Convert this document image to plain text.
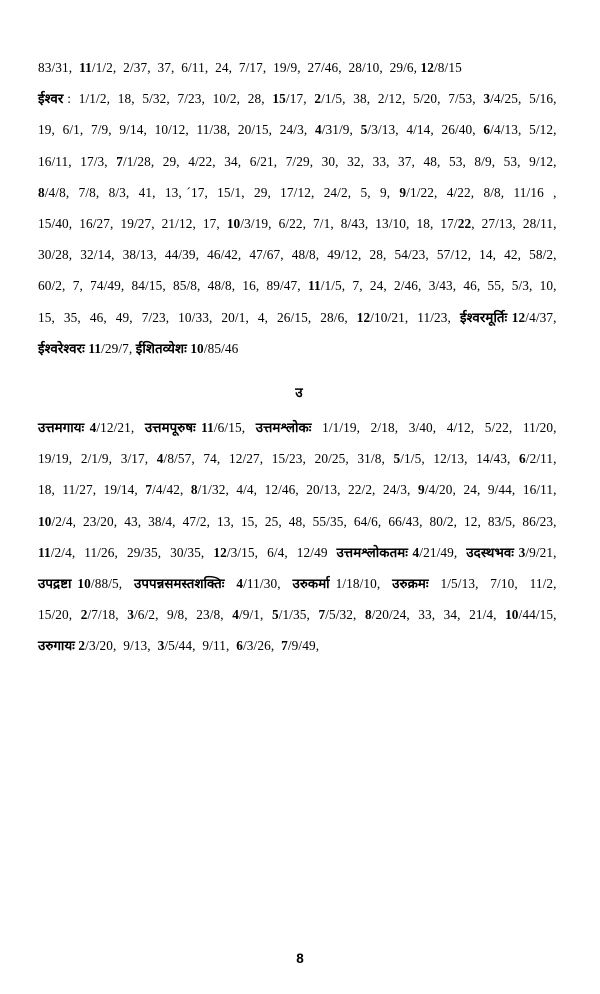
83/31,  11/1/2,  2/37,  37,  6/11,  24,  7/17,  19/9,  27/46,  28/10,  29/6, 12/8/15

ईश्वर :  1/1/2,  18,  5/32,  7/23,  10/2,  28,  15/17,  2/1/5,  38,  2/12,  5/20,  7/53,  3/4/25,  5/16,  19,  6/1,  7/9,  9/14,  10/12,  11/38,  20/15,  24/3,  4/31/9,  5/3/13,  4/14,  26/40,  6/4/13,  5/12,  16/11,  17/3,  7/1/28,  29,  4/22,  34,  6/21,  7/29,  30,  32,  33,  37,  48,  53,  8/9,  53,  9/12,  8/4/8,  7/8,  8/3,  41,  13, ´17,  15/1,  29,  17/12,  24/2,  5,  9,  9/1/22,  4/22,  8/8,  11/16  ,  15/40,  16/27,  19/27,  21/12,  17,  10/3/19,  6/22,  7/1,  8/43,  13/10,  18,  17/22,  27/13,  28/11,  30/28,  32/14,  38/13,  44/39,  46/42,  47/67,  48/8,  49/12,  28,  54/23,  57/12,  14,  42,  58/2,  60/2,  7,  74/49,  84/15,  85/8,  48/8,  16,  89/47,  11/1/5,  7,  24,  2/46,  3/43,  46,  55,  5/3,  10,  15,  35,  46,  49,  7/23,  10/33,  20/1,  4,  26/15,  28/6,  12/10/21,  11/23,  ईश्वरमूर्तिः 12/4/37,  ईश्वरेश्वरः 11/29/7, ईशितव्येशः 10/85/46

उ

उत्तमगायः 4/12/21,  उत्तमपूरुषः 11/6/15,  उत्तमश्लोकः  1/1/19,  2/18,  3/40,  4/12,  5/22,  11/20,  19/19,  2/1/9,  3/17,  4/8/57,  74,  12/27,  15/23,  20/25,  31/8,  5/1/5,  12/13,  14/43,  6/2/11,  18,  11/27,  19/14,  7/4/42,  8/1/32,  4/4,  12/46,  20/13,  22/2,  24/3,  9/4/20,  24,  9/44,  16/11,  10/2/4,  23/20,  43,  38/4,  47/2,  13,  15,  25,  48,  55/35,  64/6,  66/43,  80/2,  12,  83/5,  86/23,  11/2/4,  11/26,  29/35,  30/35,  12/3/15,  6/4,  12/49  उत्तमश्लोकतमः 4/21/49,  उदस्थभवः 3/9/21,  उपद्रष्टा 10/88/5,  उपपन्नसमस्तशक्तिः 4/11/30,  उरुकर्मा 1/18/10,  उरुक्रमः  1/5/13,  7/10,  11/2,  15/20,  2/7/18,  3/6/2,  9/8,  23/8,  4/9/1,  5/1/35,  7/5/32,  8/20/24,  33,  34,  21/4,  10/44/15,  उरुगायः 2/3/20,  9/13,  3/5/44,  9/11,  6/3/26,  7/9/49,

8
